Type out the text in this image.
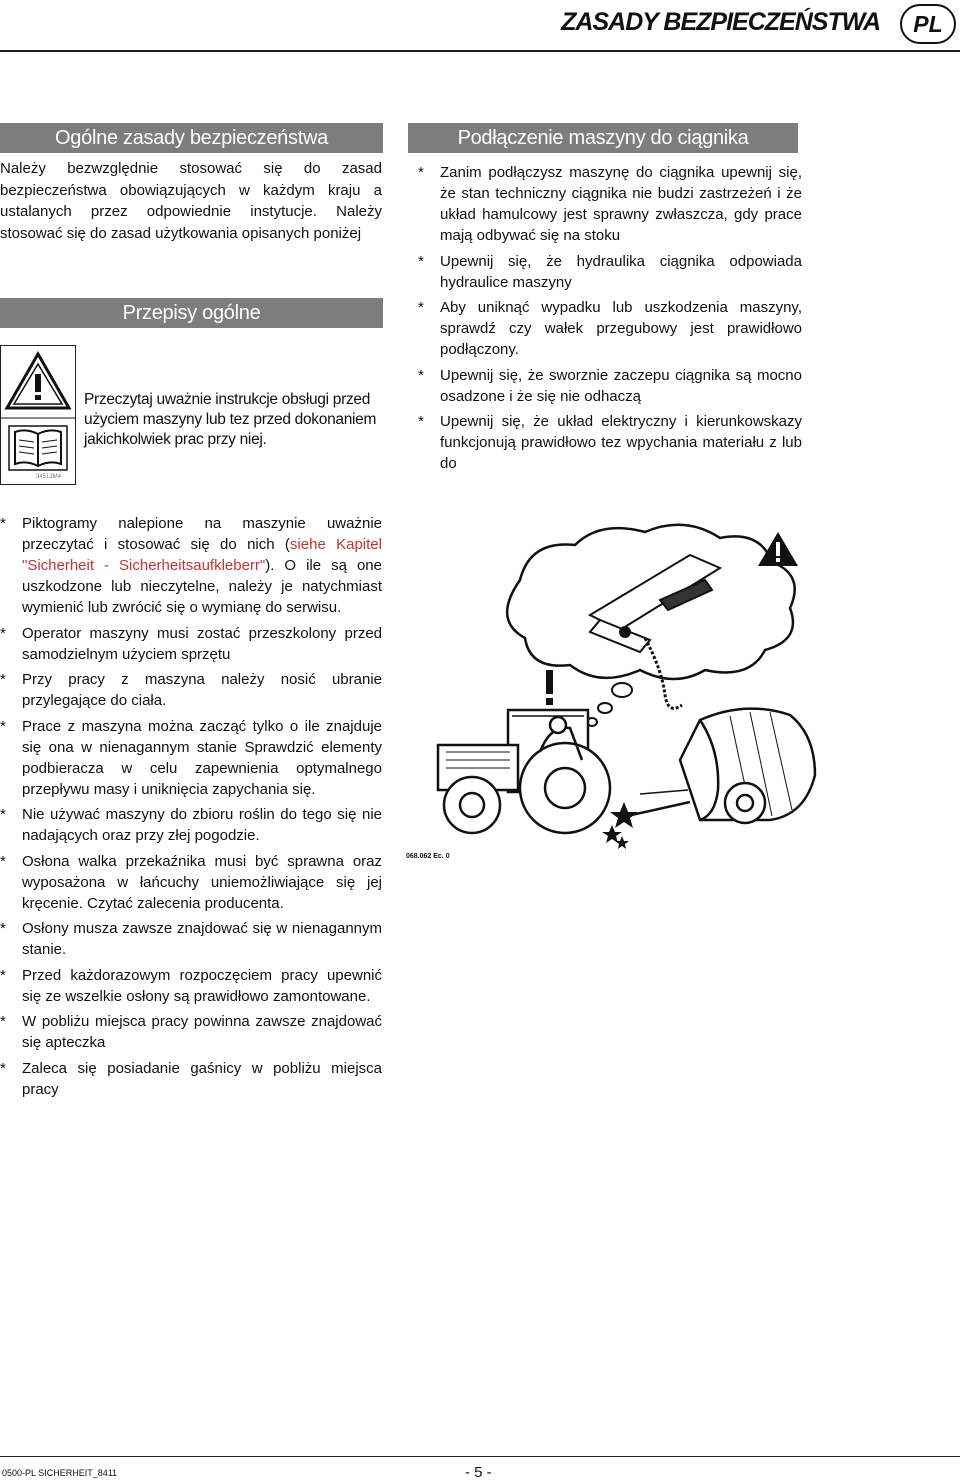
ZASADY BEZPIECZEŃSTWA	PL
Ogólne zasady bezpieczeństwa
Należy bezwzględnie stosować się do zasad bezpieczeństwa obowiązujących w każdym kraju a ustalanych przez odpowiednie instytucje. Należy stosować się do zasad użytkowania opisanych poniżej
Przepisy ogólne
34512M4
Przeczytaj uważnie instrukcje obsługi przed użyciem maszyny lub tez przed dokonaniem jakichkolwiek prac przy niej.
Podłączenie maszyny do ciągnika
* Zanim podłączysz maszynę do ciągnika upewnij się, że stan techniczny ciągnika nie budzi zastrzeżeń i że układ hamulcowy jest sprawny zwłaszcza, gdy prace mają odbywać się na stoku
* Upewnij się, że hydraulika ciągnika odpowiada hydraulice maszyny
* Aby uniknąć wypadku lub uszkodzenia maszyny, sprawdź czy wałek przegubowy jest prawidłowo podłączony.
* Upewnij się, że sworznie zaczepu ciągnika są mocno osadzone i że się nie odhaczą
* Upewnij się, że układ elektryczny i kierunkowskazy funkcjonują prawidłowo tez wpychania materiału z lub do
* Piktogramy nalepione na maszynie uważnie przeczytać i stosować się do nich (siehe Kapitel "Sicherheit - Sicherheitsaufkleberr"). O ile są one uszkodzone lub nieczytelne, należy je natychmiast wymienić lub zwrócić się o wymianę do serwisu.
* Operator maszyny musi zostać przeszkolony przed samodzielnym użyciem sprzętu
* Przy pracy z maszyna należy nosić ubranie przylegające do ciała.
* Prace z maszyna można zacząć tylko o ile znajduje się ona w nienagannym stanie Sprawdzić elementy podbieracza w celu zapewnienia optymalnego przepływu masy i uniknięcia zapychania się.
* Nie używać maszyny do zbioru roślin do tego się nie nadających oraz przy złej pogodzie.
* Osłona walka przekaźnika musi być sprawna oraz wyposażona w łańcuchy uniemożliwiające się jej kręcenie. Czytać zalecenia producenta.
* Osłony musza zawsze znajdować się w nienagannym stanie.
* Przed każdorazowym rozpoczęciem pracy upewnić się ze wszelkie osłony są prawidłowo zamontowane.
* W pobliżu miejsca pracy powinna zawsze znajdować się apteczka
* Zaleca się posiadanie gaśnicy w pobliżu miejsca pracy
068.062 Ec. 0
0500-PL SICHERHEIT_8411	- 5 -
